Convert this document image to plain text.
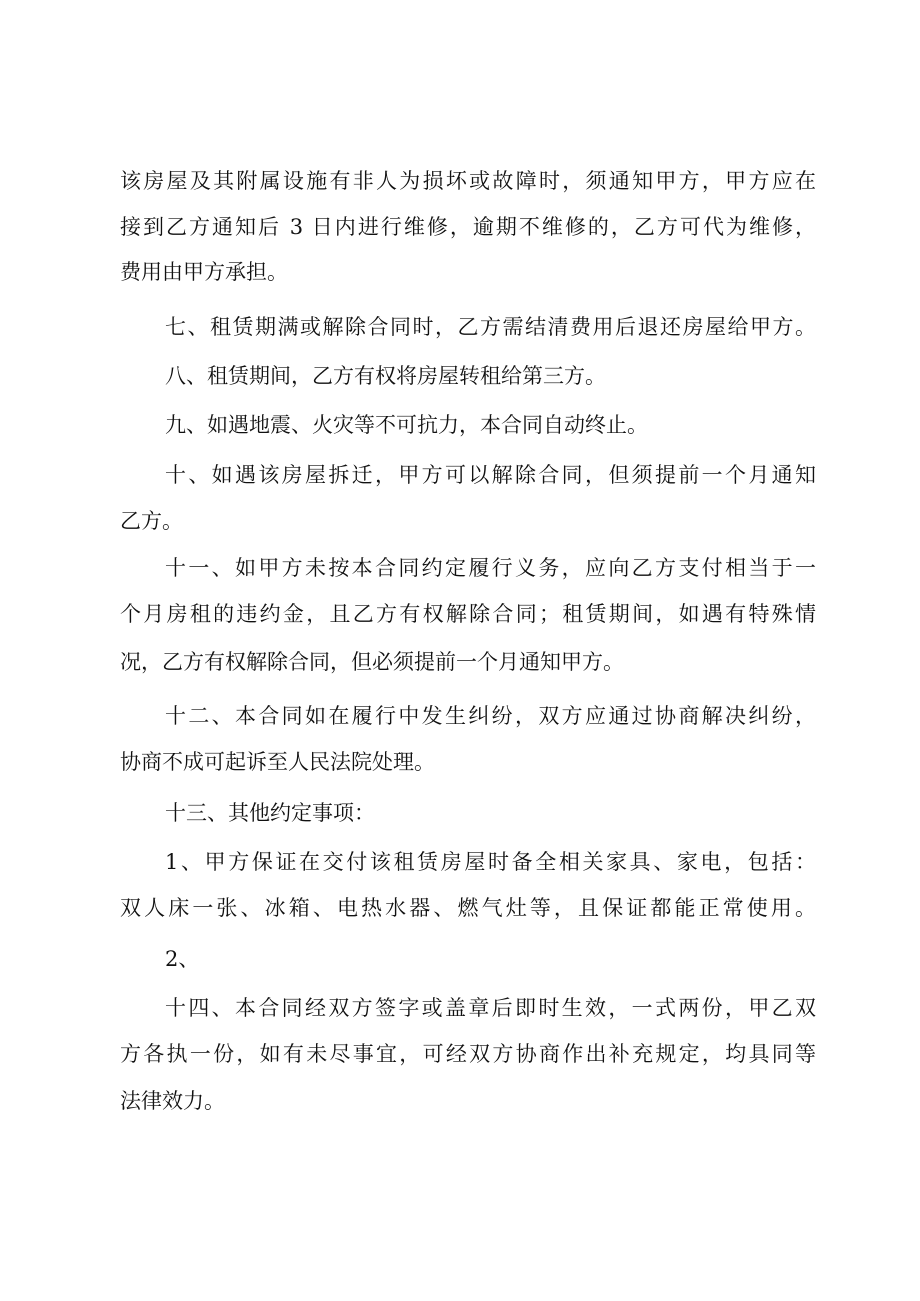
该房屋及其附属设施有非人为损坏或故障时，须通知甲方，甲方应在
接到乙方通知后 3 日内进行维修，逾期不维修的，乙方可代为维修，
费用由甲方承担。
七、租赁期满或解除合同时，乙方需结清费用后退还房屋给甲方。
八、租赁期间，乙方有权将房屋转租给第三方。
九、如遇地震、火灾等不可抗力，本合同自动终止。
十、如遇该房屋拆迁，甲方可以解除合同，但须提前一个月通知
乙方。
十一、如甲方未按本合同约定履行义务，应向乙方支付相当于一
个月房租的违约金，且乙方有权解除合同；租赁期间，如遇有特殊情
况，乙方有权解除合同，但必须提前一个月通知甲方。
十二、本合同如在履行中发生纠纷，双方应通过协商解决纠纷，
协商不成可起诉至人民法院处理。
十三、其他约定事项：
1、甲方保证在交付该租赁房屋时备全相关家具、家电，包括：
双人床一张、冰箱、电热水器、燃气灶等，且保证都能正常使用。
2、
十四、本合同经双方签字或盖章后即时生效，一式两份，甲乙双
方各执一份，如有未尽事宜，可经双方协商作出补充规定，均具同等
法律效力。
